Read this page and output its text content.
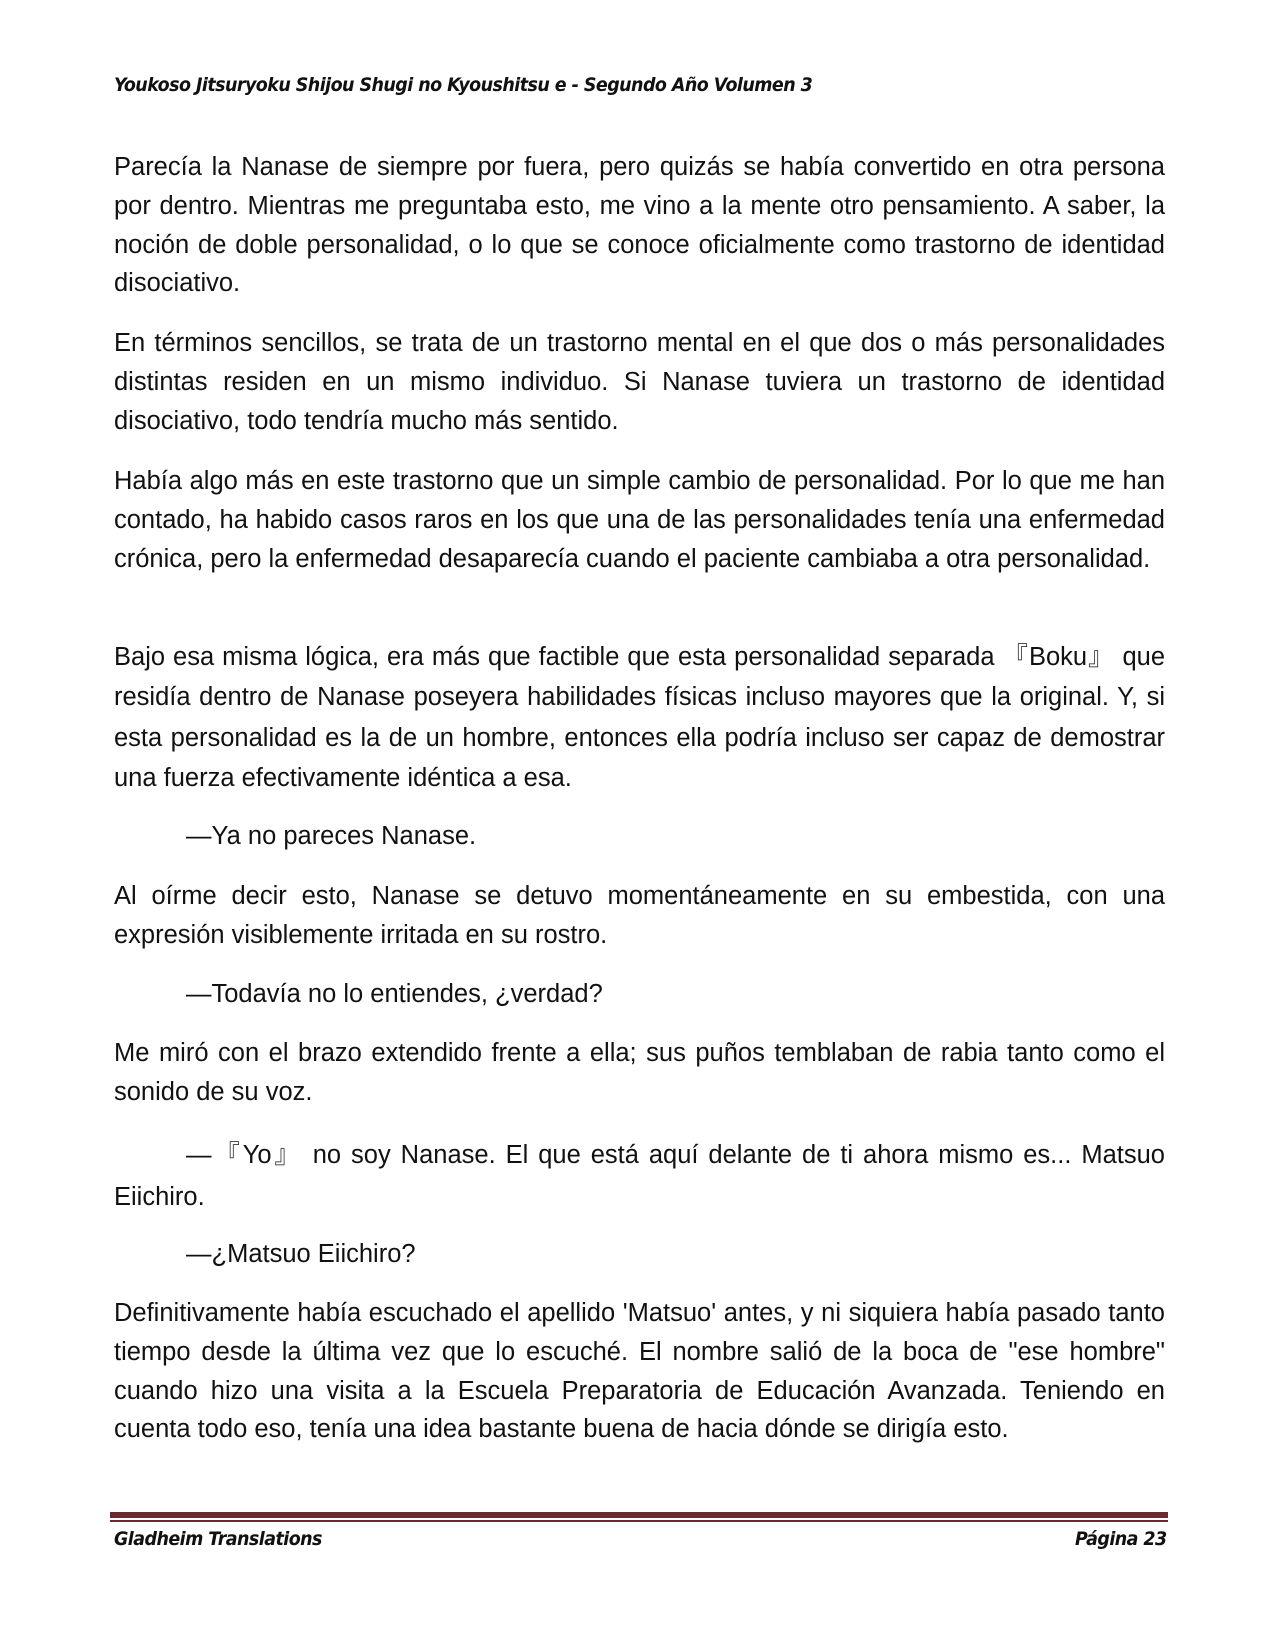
Youkoso Jitsuryoku Shijou Shugi no Kyoushitsu e - Segundo Año Volumen 3

Parecía la Nanase de siempre por fuera, pero quizás se había convertido en otra persona por dentro. Mientras me preguntaba esto, me vino a la mente otro pensamiento. A saber, la noción de doble personalidad, o lo que se conoce oficialmente como trastorno de identidad disociativo.

En términos sencillos, se trata de un trastorno mental en el que dos o más personalidades distintas residen en un mismo individuo. Si Nanase tuviera un trastorno de identidad disociativo, todo tendría mucho más sentido.

Había algo más en este trastorno que un simple cambio de personalidad. Por lo que me han contado, ha habido casos raros en los que una de las personalidades tenía una enfermedad crónica, pero la enfermedad desaparecía cuando el paciente cambiaba a otra personalidad.

Bajo esa misma lógica, era más que factible que esta personalidad separada 『Boku』 que residía dentro de Nanase poseyera habilidades físicas incluso mayores que la original. Y, si esta personalidad es la de un hombre, entonces ella podría incluso ser capaz de demostrar una fuerza efectivamente idéntica a esa.

—Ya no pareces Nanase.

Al oírme decir esto, Nanase se detuvo momentáneamente en su embestida, con una expresión visiblemente irritada en su rostro.

—Todavía no lo entiendes, ¿verdad?

Me miró con el brazo extendido frente a ella; sus puños temblaban de rabia tanto como el sonido de su voz.

—『Yo』 no soy Nanase. El que está aquí delante de ti ahora mismo es... Matsuo Eiichiro.

—¿Matsuo Eiichiro?

Definitivamente había escuchado el apellido 'Matsuo' antes, y ni siquiera había pasado tanto tiempo desde la última vez que lo escuché. El nombre salió de la boca de "ese hombre" cuando hizo una visita a la Escuela Preparatoria de Educación Avanzada. Teniendo en cuenta todo eso, tenía una idea bastante buena de hacia dónde se dirigía esto.

Gladheim Translations	Página 23
